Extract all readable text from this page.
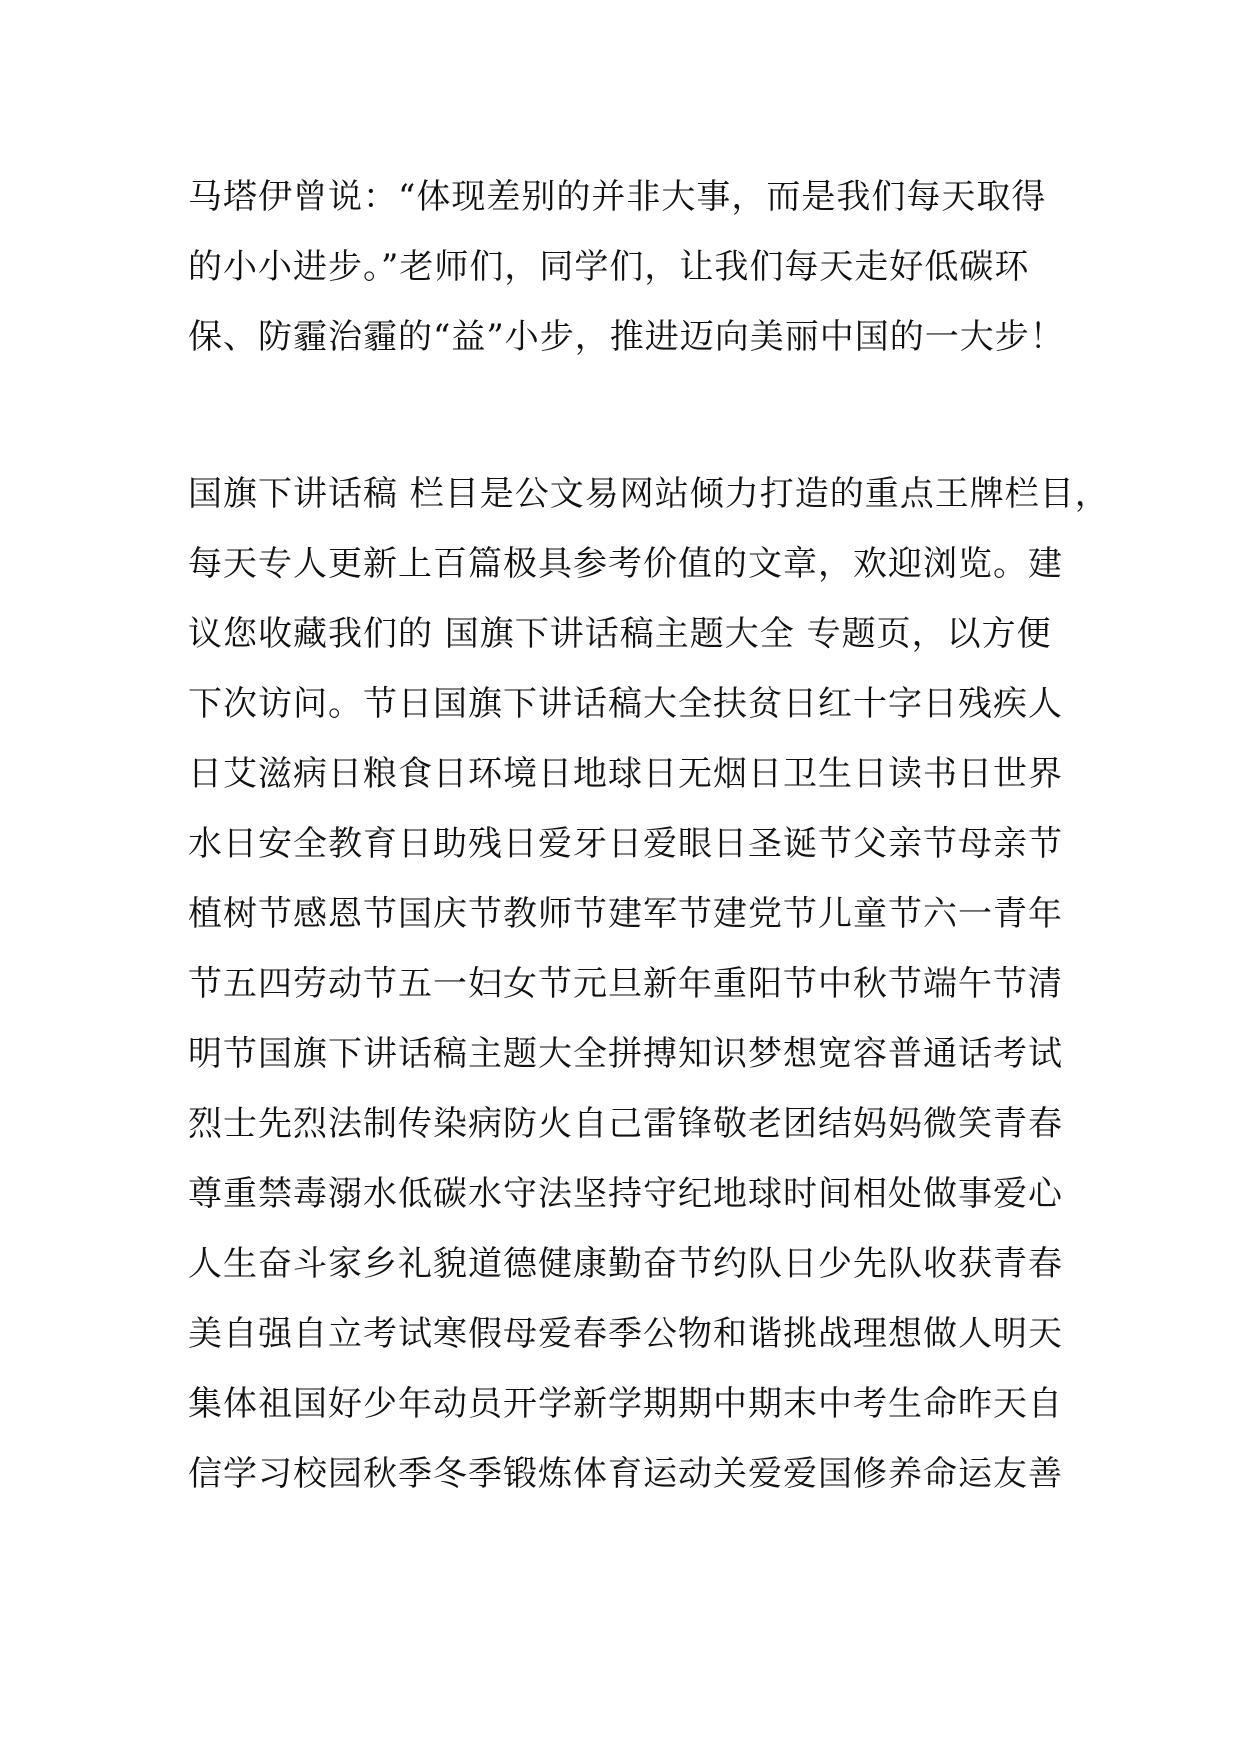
马塔伊曾说：“体现差别的并非大事，而是我们每天取得
的小小进步。”老师们，同学们，让我们每天走好低碳环
保、防霾治霾的“益”小步，推进迈向美丽中国的一大步！
国旗下讲话稿 栏目是公文易网站倾力打造的重点王牌栏目，
每天专人更新上百篇极具参考价值的文章，欢迎浏览。建
议您收藏我们的 国旗下讲话稿主题大全 专题页，以方便
下次访问。节日国旗下讲话稿大全扶贫日红十字日残疾人
日艾滋病日粮食日环境日地球日无烟日卫生日读书日世界
水日安全教育日助残日爱牙日爱眼日圣诞节父亲节母亲节
植树节感恩节国庆节教师节建军节建党节儿童节六一青年
节五四劳动节五一妇女节元旦新年重阳节中秋节端午节清
明节国旗下讲话稿主题大全拼搏知识梦想宽容普通话考试
烈士先烈法制传染病防火自己雷锋敬老团结妈妈微笑青春
尊重禁毒溺水低碳水守法坚持守纪地球时间相处做事爱心
人生奋斗家乡礼貌道德健康勤奋节约队日少先队收获青春
美自强自立考试寒假母爱春季公物和谐挑战理想做人明天
集体祖国好少年动员开学新学期期中期末中考生命昨天自
信学习校园秋季冬季锻炼体育运动关爱爱国修养命运友善
